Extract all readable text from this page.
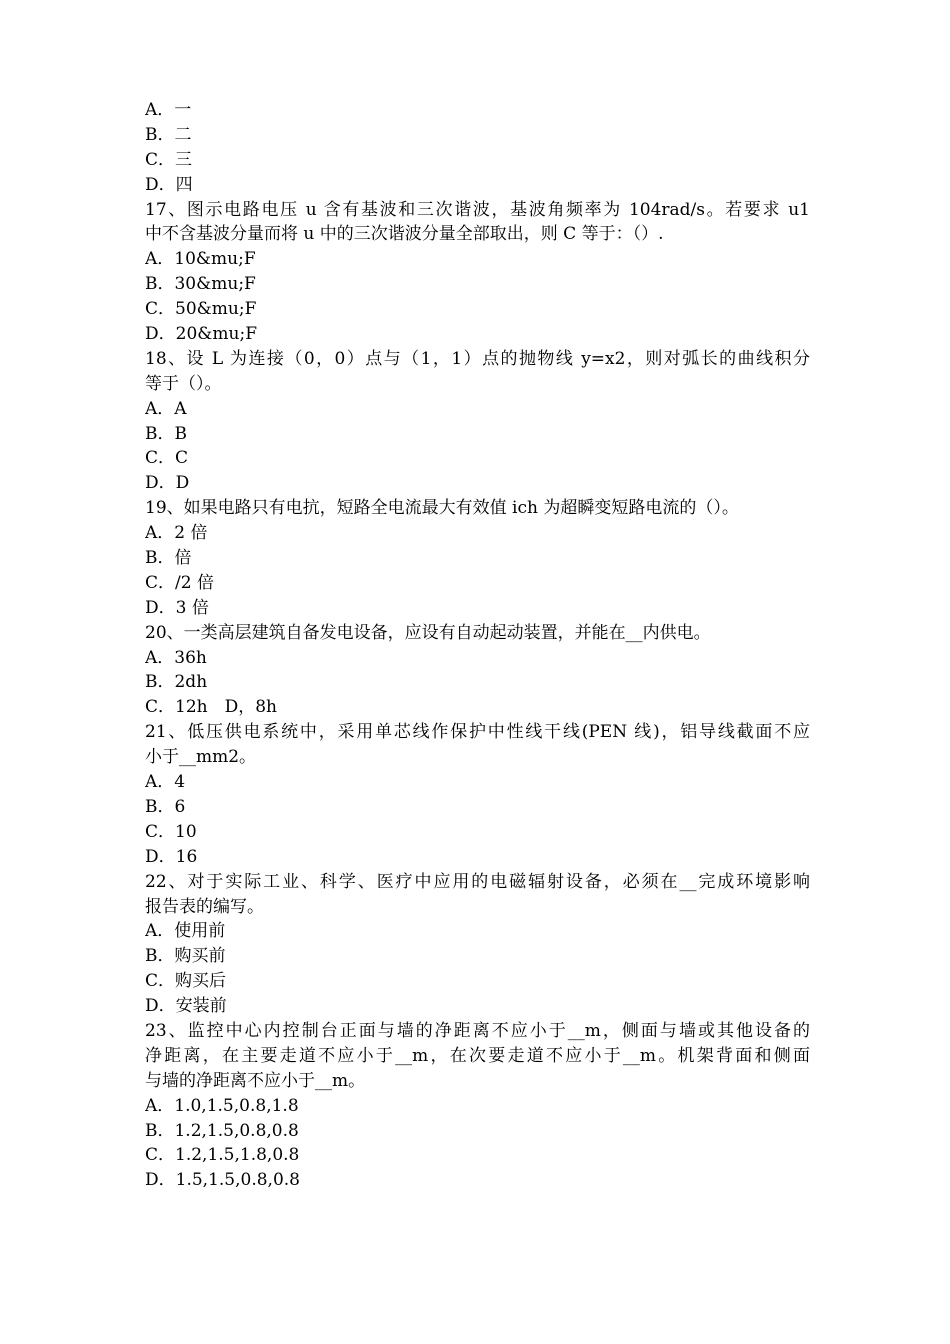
A．一
B．二
C．三
D．四
17、图示电路电压 u 含有基波和三次谐波，基波角频率为 104rad/s。若要求 u1
中不含基波分量而将 u 中的三次谐波分量全部取出，则 C 等于：（）.
A．10&mu;F
B．30&mu;F
C．50&mu;F
D．20&mu;F
18、设 L 为连接（0，0）点与（1，1）点的抛物线 y=x2，则对弧长的曲线积分
等于（）。
A．A
B．B
C．C
D．D
19、如果电路只有电抗，短路全电流最大有效值 ich 为超瞬变短路电流的（）。
A．2 倍
B．倍
C．/2 倍
D．3 倍
20、一类高层建筑自备发电设备，应设有自动起动装置，并能在__内供电。
A．36h
B．2dh
C．12h　D，8h
21、低压供电系统中，采用单芯线作保护中性线干线(PEN 线)，铝导线截面不应
小于__mm2。
A．4
B．6
C．10
D．16
22、对于实际工业、科学、医疗中应用的电磁辐射设备，必须在__完成环境影响
报告表的编写。
A．使用前
B．购买前
C．购买后
D．安装前
23、监控中心内控制台正面与墙的净距离不应小于__m，侧面与墙或其他设备的
净距离，在主要走道不应小于__m，在次要走道不应小于__m。机架背面和侧面
与墙的净距离不应小于__m。
A．1.0,1.5,0.8,1.8
B．1.2,1.5,0.8,0.8
C．1.2,1.5,1.8,0.8
D．1.5,1.5,0.8,0.8
